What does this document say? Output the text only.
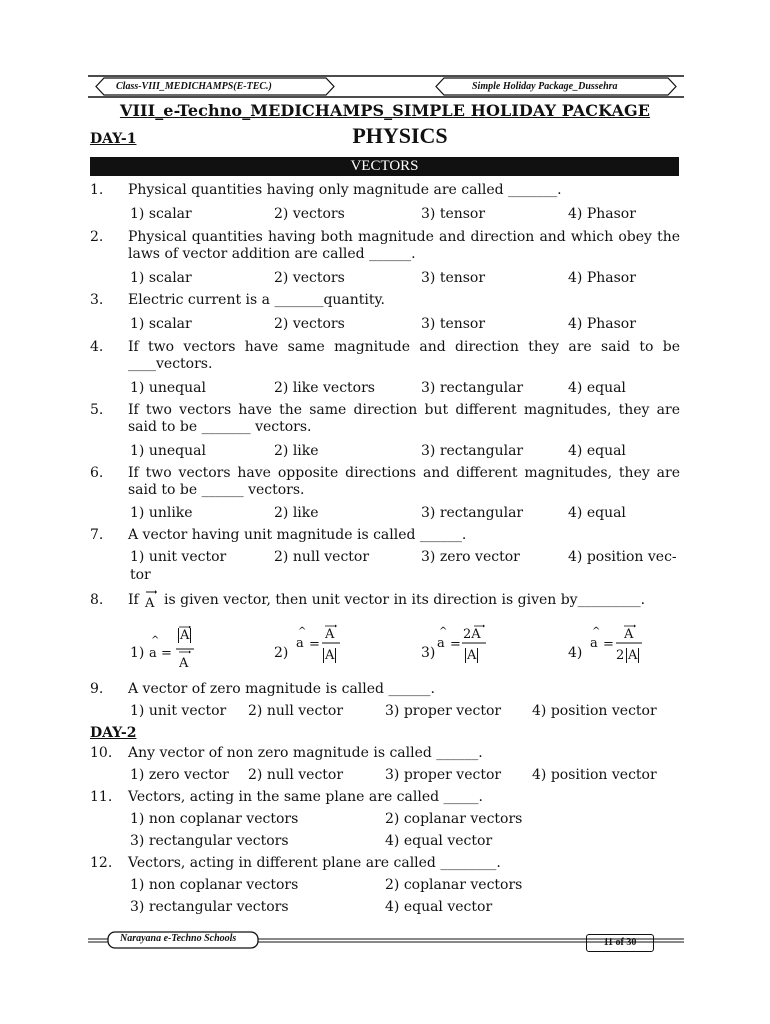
Class-VIII_MEDICHAMPS(E-TEC.)	Simple Holiday Package_Dussehra
VIII_e-Techno_MEDICHAMPS_SIMPLE HOLIDAY PACKAGE
DAY-1	PHYSICS
VECTORS
1. Physical quantities having only magnitude are called _______.
1) scalar	2) vectors	3) tensor	4) Phasor
2. Physical quantities having both magnitude and direction and which obey the laws of vector addition are called ______.
1) scalar	2) vectors	3) tensor	4) Phasor
3. Electric current is a _______quantity.
1) scalar	2) vectors	3) tensor	4) Phasor
4. If two vectors have same magnitude and direction they are said to be ____vectors.
1) unequal	2) like vectors	3) rectangular	4) equal
5. If two vectors have the same direction but different magnitudes, they are said to be _______ vectors.
1) unequal	2) like	3) rectangular	4) equal
6. If two vectors have opposite directions and different magnitudes, they are said to be ______ vectors.
1) unlike	2) like	3) rectangular	4) equal
7. A vector having unit magnitude is called ______.
1) unit vector	2) null vector	3) zero vector	4) position vec-
tor
8. If A is given vector, then unit vector in its direction is given by_________.
1) a
^
=
A
A
2)
a
^
=
A
A	3)
a
^
=
2A
A	4)
a
^
=
A
2 A
9. A vector of zero magnitude is called ______.
1) unit vector 2) null vector	3) proper vector 4) position vector
DAY-2
10. Any vector of non zero magnitude is called ______.
1) zero vector 2) null vector	3) proper vector 4) position vector
11. Vectors, acting in the same plane are called _____.
1) non coplanar vectors	2) coplanar vectors
3) rectangular vectors	4) equal vector
12. Vectors, acting in different plane are called ________.
1) non coplanar vectors	2) coplanar vectors
3) rectangular vectors	4) equal vector
Narayana e-Techno Schools	11 of 30
